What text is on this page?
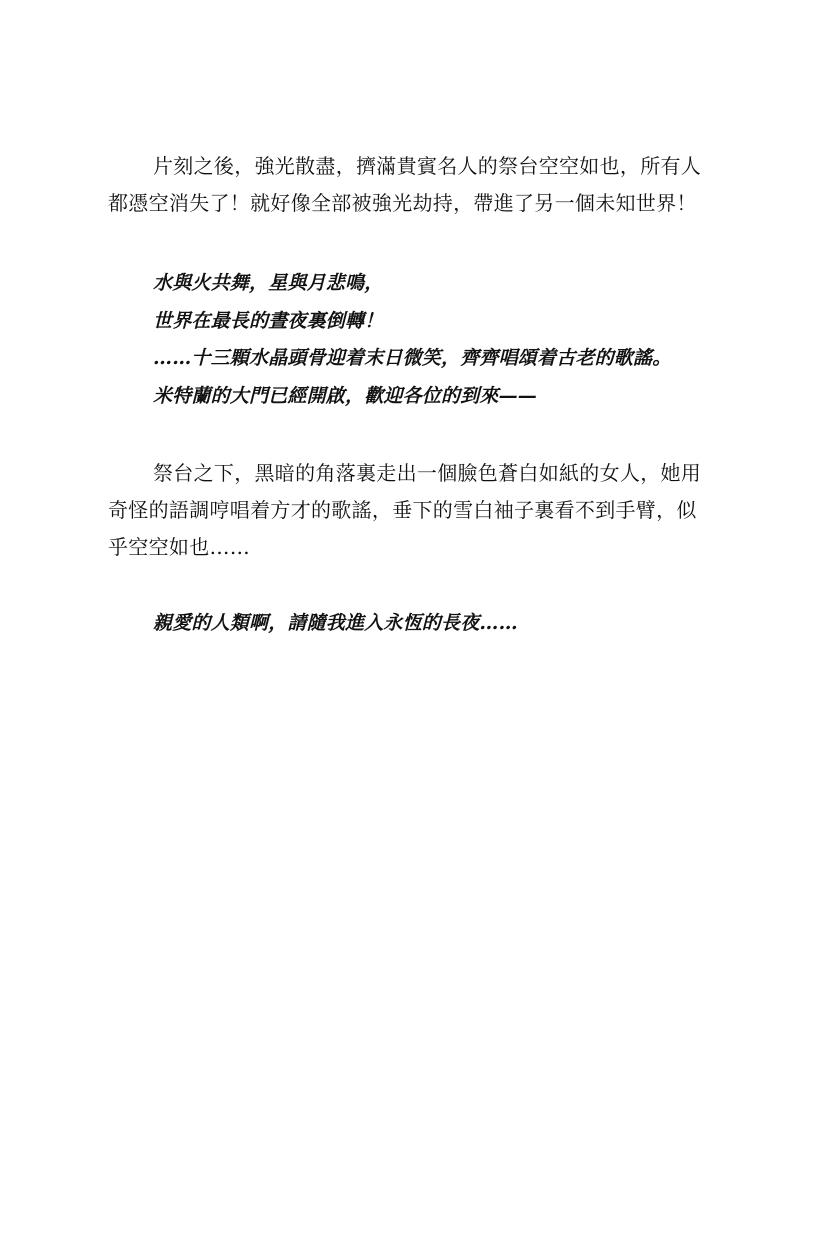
片刻之後，強光散盡，擠滿貴賓名人的祭台空空如也，所有人都憑空消失了！就好像全部被強光劫持，帶進了另一個未知世界！

水與火共舞，星與月悲鳴，

世界在最長的晝夜裏倒轉！

……十三顆水晶頭骨迎着末日微笑，齊齊唱頌着古老的歌謠。

米特蘭的大門已經開啟，歡迎各位的到來——

祭台之下，黑暗的角落裏走出一個臉色蒼白如紙的女人，她用奇怪的語調哼唱着方才的歌謠，垂下的雪白袖子裏看不到手臂，似乎空空如也……

親愛的人類啊，請隨我進入永恆的長夜……
